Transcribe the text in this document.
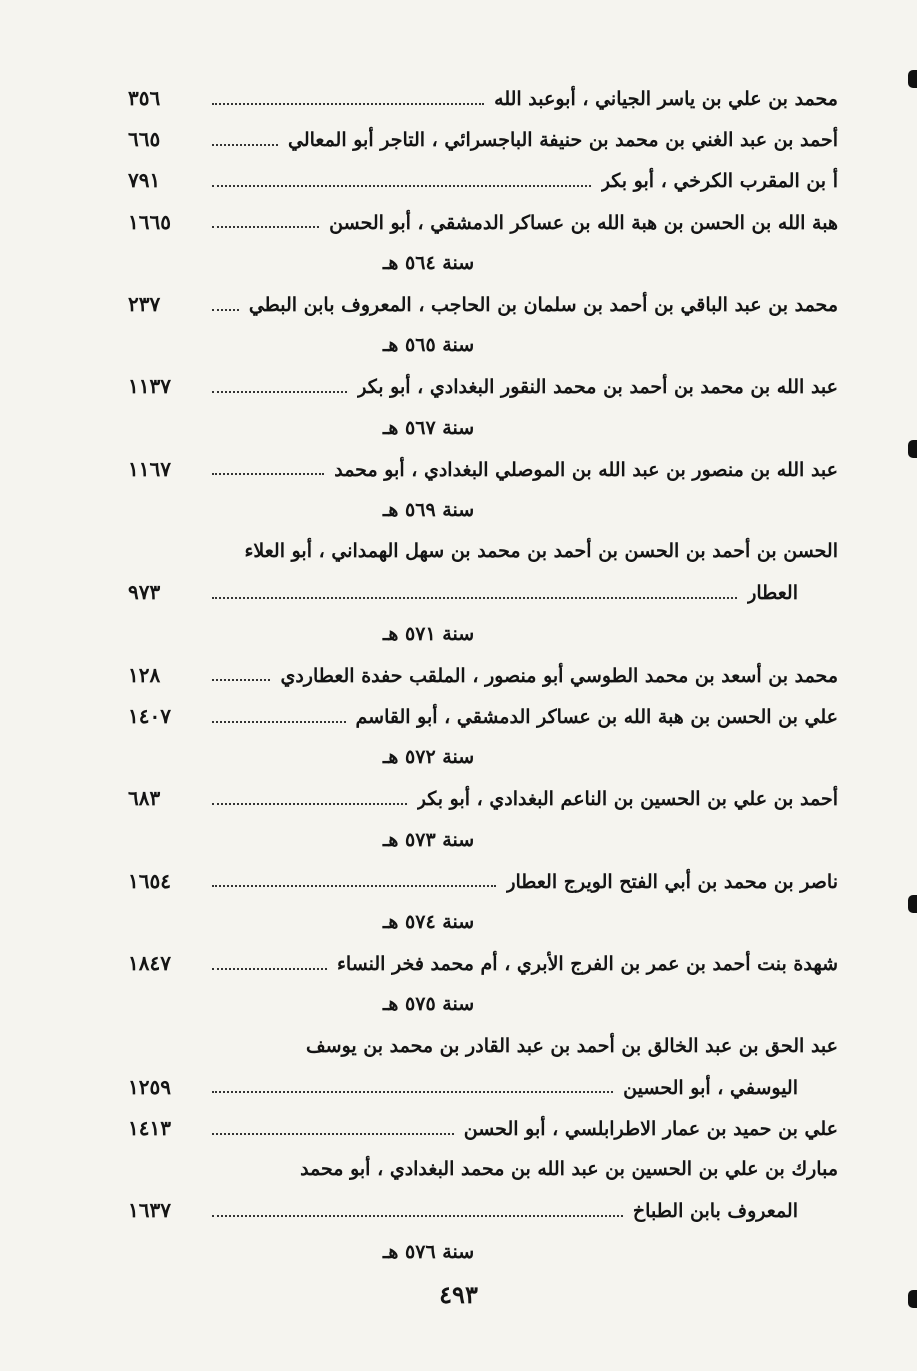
محمد بن علي بن ياسر الجياني ، أبوعبد الله
٣٥٦
أحمد بن عبد الغني بن محمد بن حنيفة الباجسرائي ، التاجر أبو المعالي
٦٦٥
أ بن المقرب الكرخي ، أبو بكر
٧٩١
هبة الله بن الحسن بن هبة الله بن عساكر الدمشقي ، أبو الحسن
١٦٦٥
سنة ٥٦٤ هـ
محمد بن عبد الباقي بن أحمد بن سلمان بن الحاجب ، المعروف بابن البطي
٢٣٧
سنة ٥٦٥ هـ
عبد الله بن محمد بن أحمد بن محمد النقور البغدادي ، أبو بكر
١١٣٧
سنة ٥٦٧ هـ
عبد الله بن منصور بن عبد الله بن الموصلي البغدادي ، أبو محمد
١١٦٧
سنة ٥٦٩ هـ
الحسن بن أحمد بن الحسن بن أحمد بن محمد بن سهل الهمداني ، أبو العلاء
العطار
٩٧٣
سنة ٥٧١ هـ
محمد بن أسعد بن محمد الطوسي أبو منصور ، الملقب حفدة العطاردي
١٢٨
علي بن الحسن بن هبة الله بن عساكر الدمشقي ، أبو القاسم
١٤٠٧
سنة ٥٧٢ هـ
أحمد بن علي بن الحسين بن الناعم البغدادي ، أبو بكر
٦٨٣
سنة ٥٧٣ هـ
ناصر بن محمد بن أبي الفتح الويرج العطار
١٦٥٤
سنة ٥٧٤ هـ
شهدة بنت أحمد بن عمر بن الفرج الأبري ، أم محمد فخر النساء
١٨٤٧
سنة ٥٧٥ هـ
عبد الحق بن عبد الخالق بن أحمد بن عبد القادر بن محمد بن يوسف
اليوسفي ، أبو الحسين
١٢٥٩
علي بن حميد بن عمار الاطرابلسي ، أبو الحسن
١٤١٣
مبارك بن علي بن الحسين بن عبد الله بن محمد البغدادي ، أبو محمد
المعروف بابن الطباخ
١٦٣٧
سنة ٥٧٦ هـ
٤٩٣
